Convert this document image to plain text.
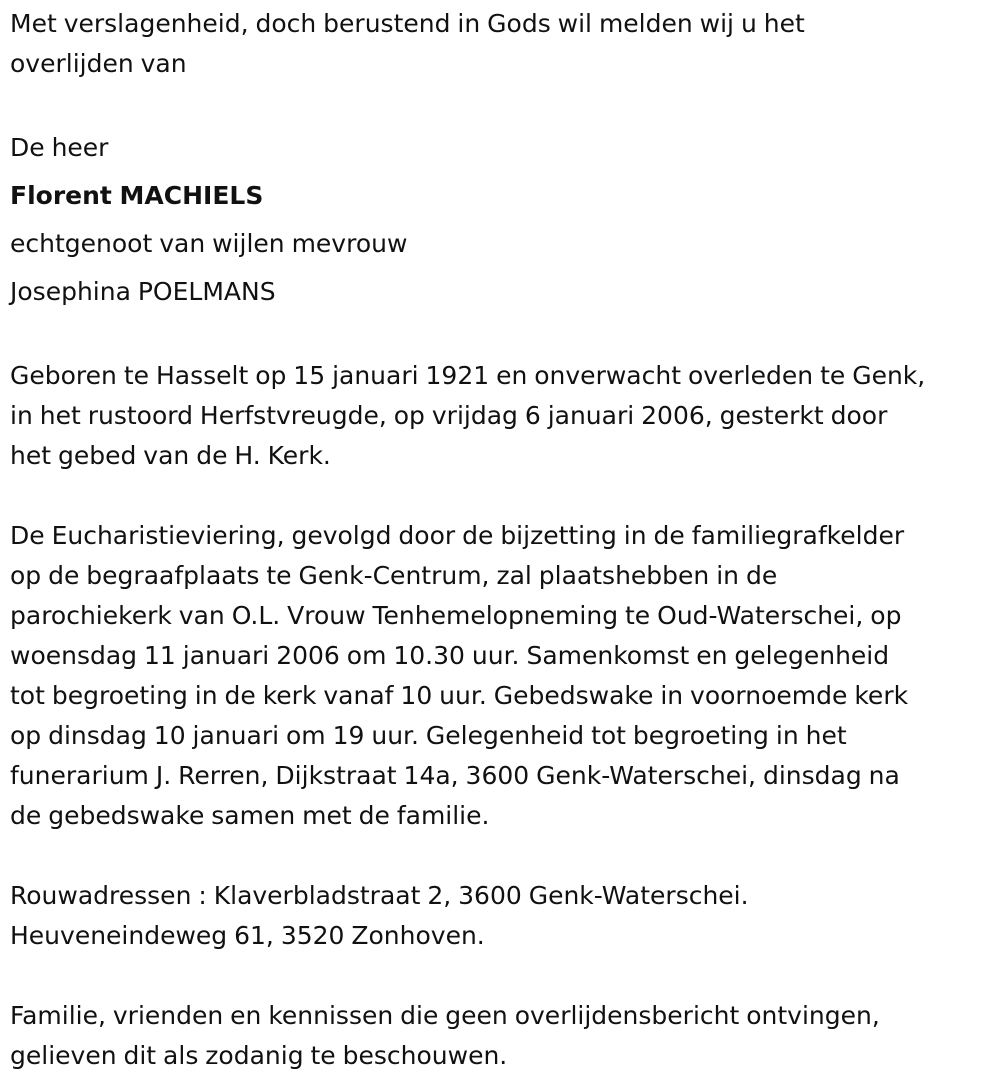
Met verslagenheid, doch berustend in Gods wil melden wij u het
overlijden van

De heer

Florent MACHIELS

echtgenoot van wijlen mevrouw

Josephina POELMANS

Geboren te Hasselt op 15 januari 1921 en onverwacht overleden te Genk,
in het rustoord Herfstvreugde, op vrijdag 6 januari 2006, gesterkt door
het gebed van de H. Kerk.

De Eucharistieviering, gevolgd door de bijzetting in de familiegrafkelder
op de begraafplaats te Genk-Centrum, zal plaatshebben in de
parochiekerk van O.L. Vrouw Tenhemelopneming te Oud-Waterschei, op
woensdag 11 januari 2006 om 10.30 uur. Samenkomst en gelegenheid
tot begroeting in de kerk vanaf 10 uur. Gebedswake in voornoemde kerk
op dinsdag 10 januari om 19 uur. Gelegenheid tot begroeting in het
funerarium J. Rerren, Dijkstraat 14a, 3600 Genk-Waterschei, dinsdag na
de gebedswake samen met de familie.

Rouwadressen : Klaverbladstraat 2, 3600 Genk-Waterschei.
Heuveneindeweg 61, 3520 Zonhoven.

Familie, vrienden en kennissen die geen overlijdensbericht ontvingen,
gelieven dit als zodanig te beschouwen.
